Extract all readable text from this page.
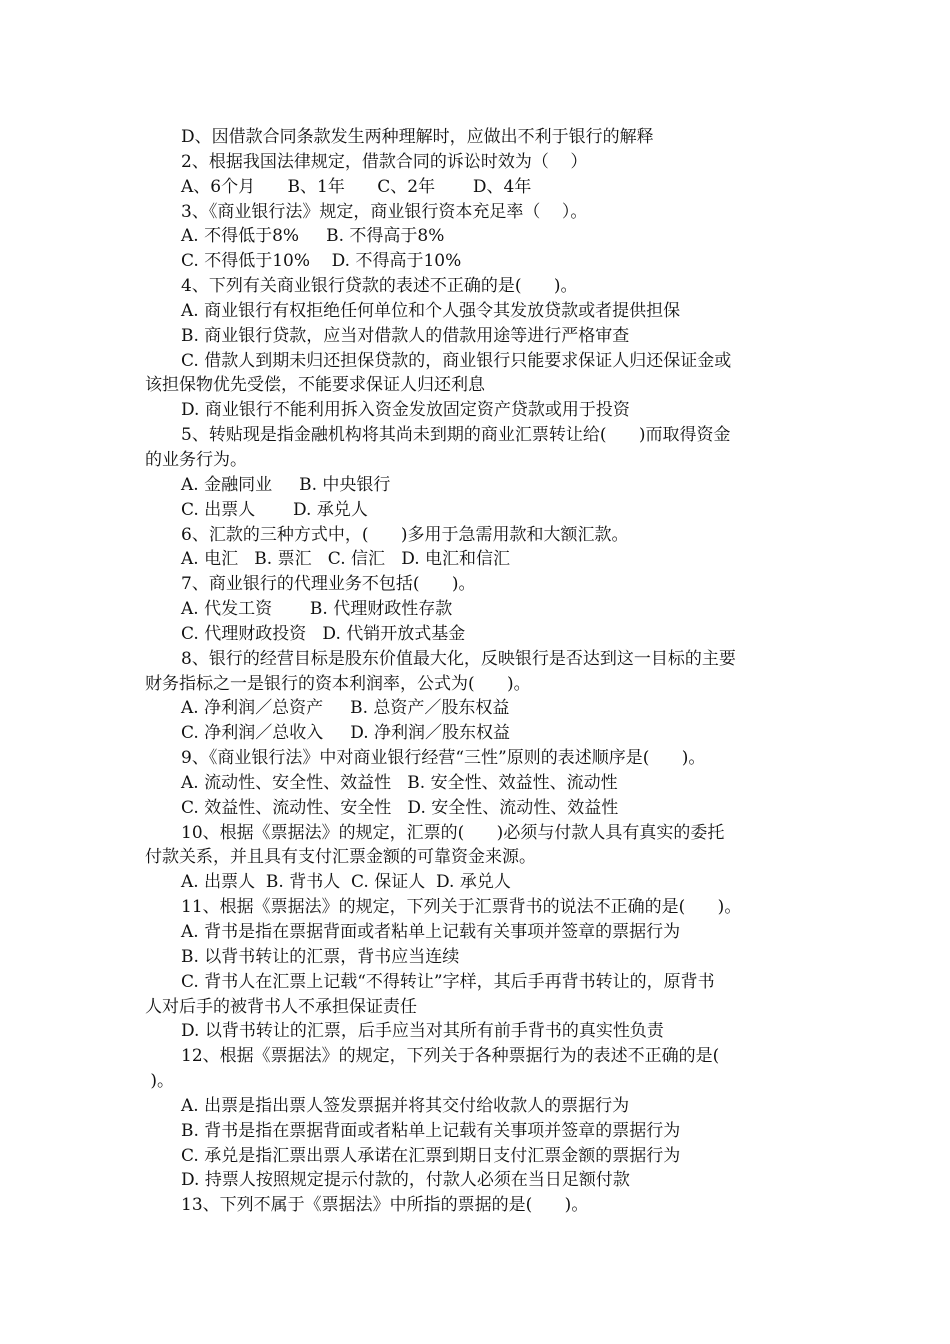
D、因借款合同条款发生两种理解时，应做出不利于银行的解释

2、根据我国法律规定，借款合同的诉讼时效为（    ）

A、6个月      B、1年      C、2年       D、4年

3、《商业银行法》规定，商业银行资本充足率（    ）。

A. 不得低于8%     B. 不得高于8%

C. 不得低于10%    D. 不得高于10%

4、下列有关商业银行贷款的表述不正确的是(      )。

A. 商业银行有权拒绝任何单位和个人强令其发放贷款或者提供担保

B. 商业银行贷款，应当对借款人的借款用途等进行严格审查

C. 借款人到期未归还担保贷款的，商业银行只能要求保证人归还保证金或

该担保物优先受偿，不能要求保证人归还利息

D. 商业银行不能利用拆入资金发放固定资产贷款或用于投资

5、转贴现是指金融机构将其尚未到期的商业汇票转让给(      )而取得资金

的业务行为。

A. 金融同业     B. 中央银行

C. 出票人       D. 承兑人

6、汇款的三种方式中，(      )多用于急需用款和大额汇款。

A. 电汇   B. 票汇   C. 信汇   D. 电汇和信汇

7、商业银行的代理业务不包括(      )。

A. 代发工资       B. 代理财政性存款

C. 代理财政投资   D. 代销开放式基金

8、银行的经营目标是股东价值最大化，反映银行是否达到这一目标的主要

财务指标之一是银行的资本利润率，公式为(      )。

A. 净利润／总资产     B. 总资产／股东权益

C. 净利润／总收入     D. 净利润／股东权益

9、《商业银行法》中对商业银行经营“三性”原则的表述顺序是(      )。

A. 流动性、安全性、效益性   B. 安全性、效益性、流动性

C. 效益性、流动性、安全性   D. 安全性、流动性、效益性

10、根据《票据法》的规定，汇票的(      )必须与付款人具有真实的委托

付款关系，并且具有支付汇票金额的可靠资金来源。

A. 出票人  B. 背书人  C. 保证人  D. 承兑人

11、根据《票据法》的规定，下列关于汇票背书的说法不正确的是(      )。

A. 背书是指在票据背面或者粘单上记载有关事项并签章的票据行为

B. 以背书转让的汇票，背书应当连续

C. 背书人在汇票上记载“不得转让”字样，其后手再背书转让的，原背书

人对后手的被背书人不承担保证责任

D. 以背书转让的汇票，后手应当对其所有前手背书的真实性负责

12、根据《票据法》的规定，下列关于各种票据行为的表述不正确的是(

)。

A. 出票是指出票人签发票据并将其交付给收款人的票据行为

B. 背书是指在票据背面或者粘单上记载有关事项并签章的票据行为

C. 承兑是指汇票出票人承诺在汇票到期日支付汇票金额的票据行为

D. 持票人按照规定提示付款的，付款人必须在当日足额付款

13、下列不属于《票据法》中所指的票据的是(      )。
